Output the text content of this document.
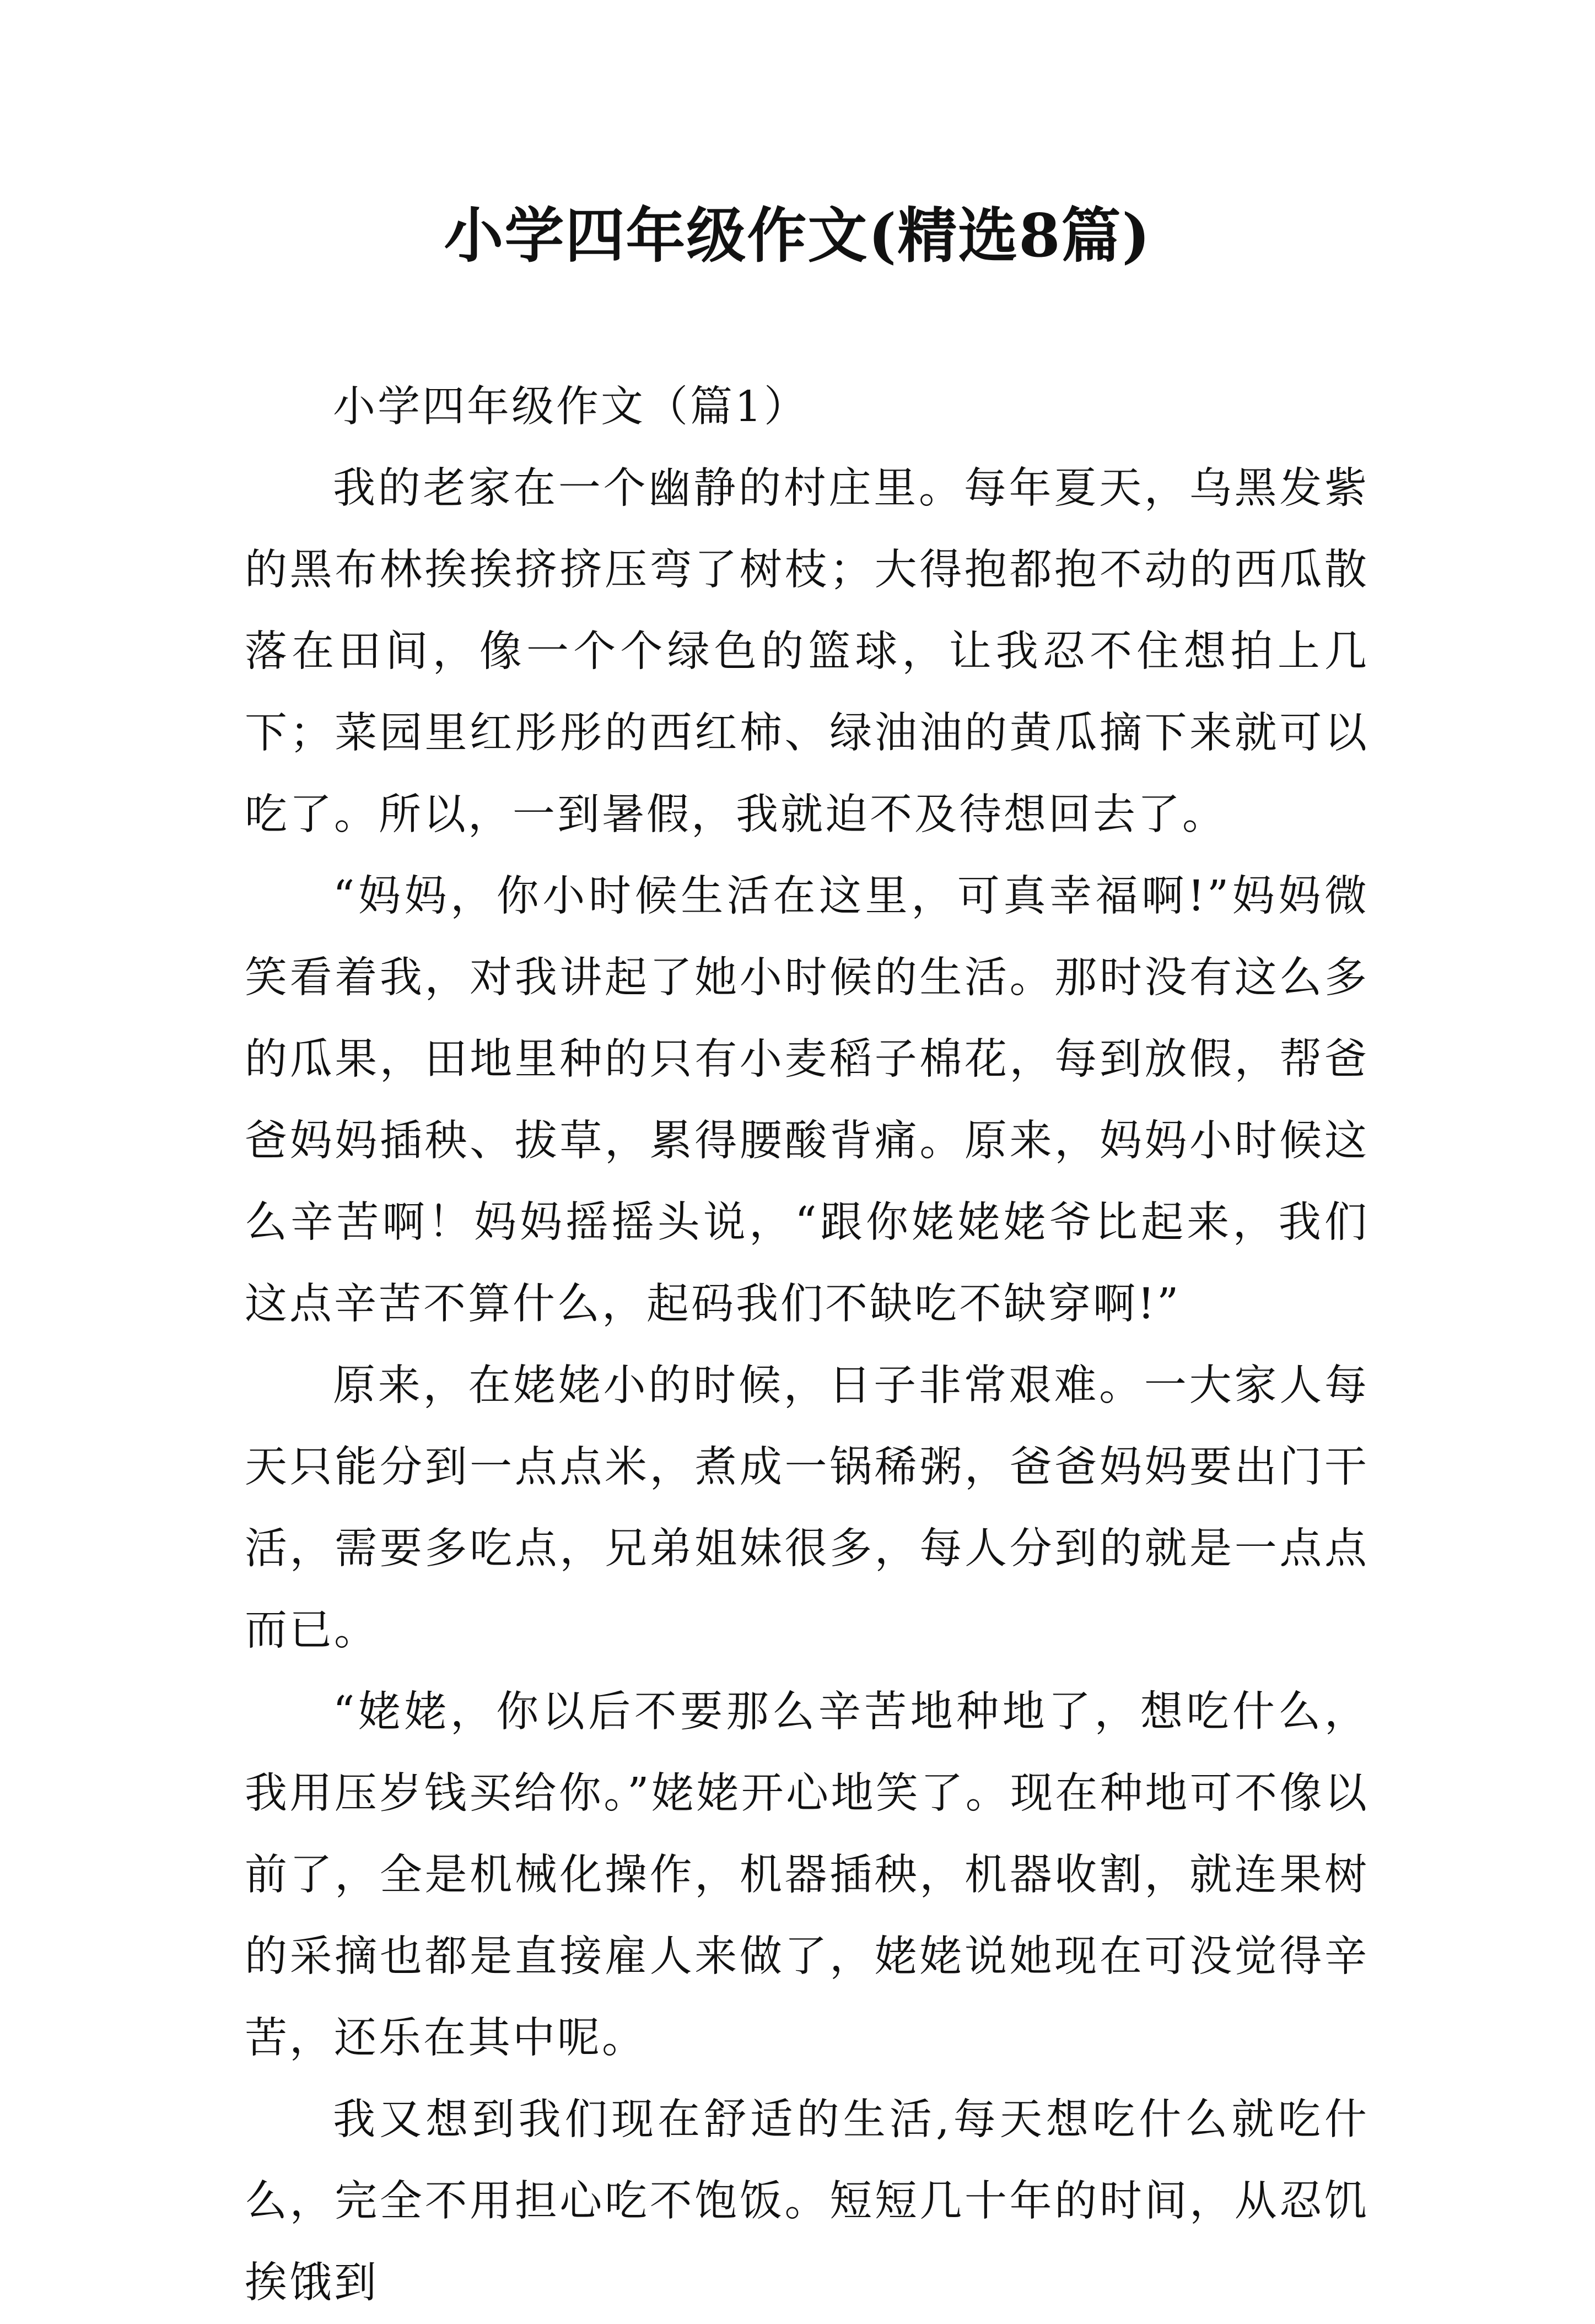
小学四年级作文(精选8篇)

小学四年级作文（篇1）

我的老家在一个幽静的村庄里。每年夏天，乌黑发紫的黑布林挨挨挤挤压弯了树枝；大得抱都抱不动的西瓜散落在田间，像一个个绿色的篮球，让我忍不住想拍上几下；菜园里红彤彤的西红柿、绿油油的黄瓜摘下来就可以吃了。所以，一到暑假，我就迫不及待想回去了。

“妈妈，你小时候生活在这里，可真幸福啊!”妈妈微笑看着我，对我讲起了她小时候的生活。那时没有这么多的瓜果，田地里种的只有小麦稻子棉花，每到放假，帮爸爸妈妈插秧、拔草，累得腰酸背痛。原来，妈妈小时候这么辛苦啊！妈妈摇摇头说，“跟你姥姥姥爷比起来，我们这点辛苦不算什么，起码我们不缺吃不缺穿啊!”

原来，在姥姥小的时候，日子非常艰难。一大家人每天只能分到一点点米，煮成一锅稀粥，爸爸妈妈要出门干活，需要多吃点，兄弟姐妹很多，每人分到的就是一点点而已。

“姥姥，你以后不要那么辛苦地种地了，想吃什么，我用压岁钱买给你。”姥姥开心地笑了。现在种地可不像以前了，全是机械化操作，机器插秧，机器收割，就连果树的采摘也都是直接雇人来做了，姥姥说她现在可没觉得辛苦，还乐在其中呢。

我又想到我们现在舒适的生活,每天想吃什么就吃什么，完全不用担心吃不饱饭。短短几十年的时间，从忍饥挨饿到
